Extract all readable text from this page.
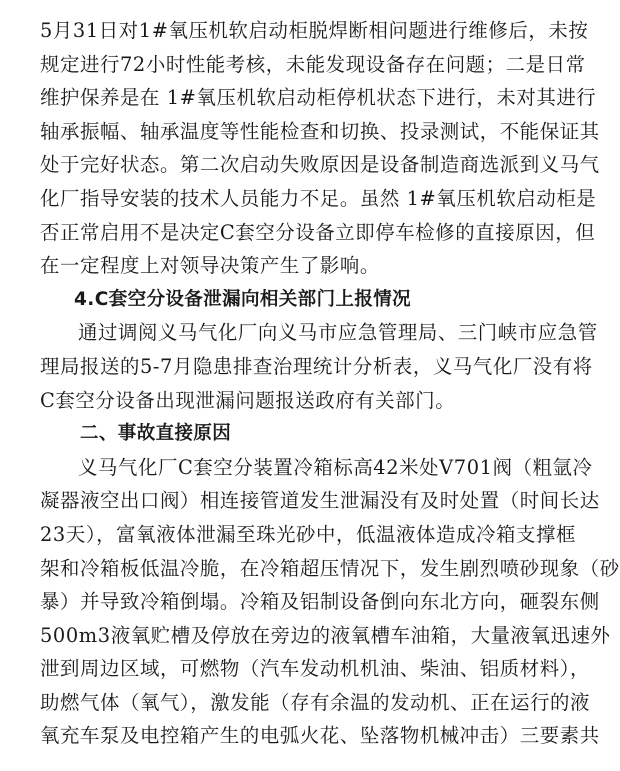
5月31日对1#氧压机软启动柜脱焊断相问题进行维修后，未按
规定进行72小时性能考核，未能发现设备存在问题；二是日常
维护保养是在 1#氧压机软启动柜停机状态下进行，未对其进行
轴承振幅、轴承温度等性能检查和切换、投录测试，不能保证其
处于完好状态。第二次启动失败原因是设备制造商选派到义马气
化厂指导安装的技术人员能力不足。虽然 1#氧压机软启动柜是
否正常启用不是决定C套空分设备立即停车检修的直接原因，但
在一定程度上对领导决策产生了影响。
4.C套空分设备泄漏向相关部门上报情况
通过调阅义马气化厂向义马市应急管理局、三门峡市应急管
理局报送的5-7月隐患排查治理统计分析表，义马气化厂没有将
C套空分设备出现泄漏问题报送政府有关部门。
二、事故直接原因
义马气化厂C套空分装置冷箱标高42米处V701阀（粗氩冷
凝器液空出口阀）相连接管道发生泄漏没有及时处置（时间长达
23天），富氧液体泄漏至珠光砂中，低温液体造成冷箱支撑框
架和冷箱板低温冷脆，在冷箱超压情况下，发生剧烈喷砂现象（砂
暴）并导致冷箱倒塌。冷箱及铝制设备倒向东北方向，砸裂东侧
500m3液氧贮槽及停放在旁边的液氧槽车油箱，大量液氧迅速外
泄到周边区域，可燃物（汽车发动机机油、柴油、铝质材料），
助燃气体（氧气），激发能（存有余温的发动机、正在运行的液
氧充车泵及电控箱产生的电弧火花、坠落物机械冲击）三要素共
